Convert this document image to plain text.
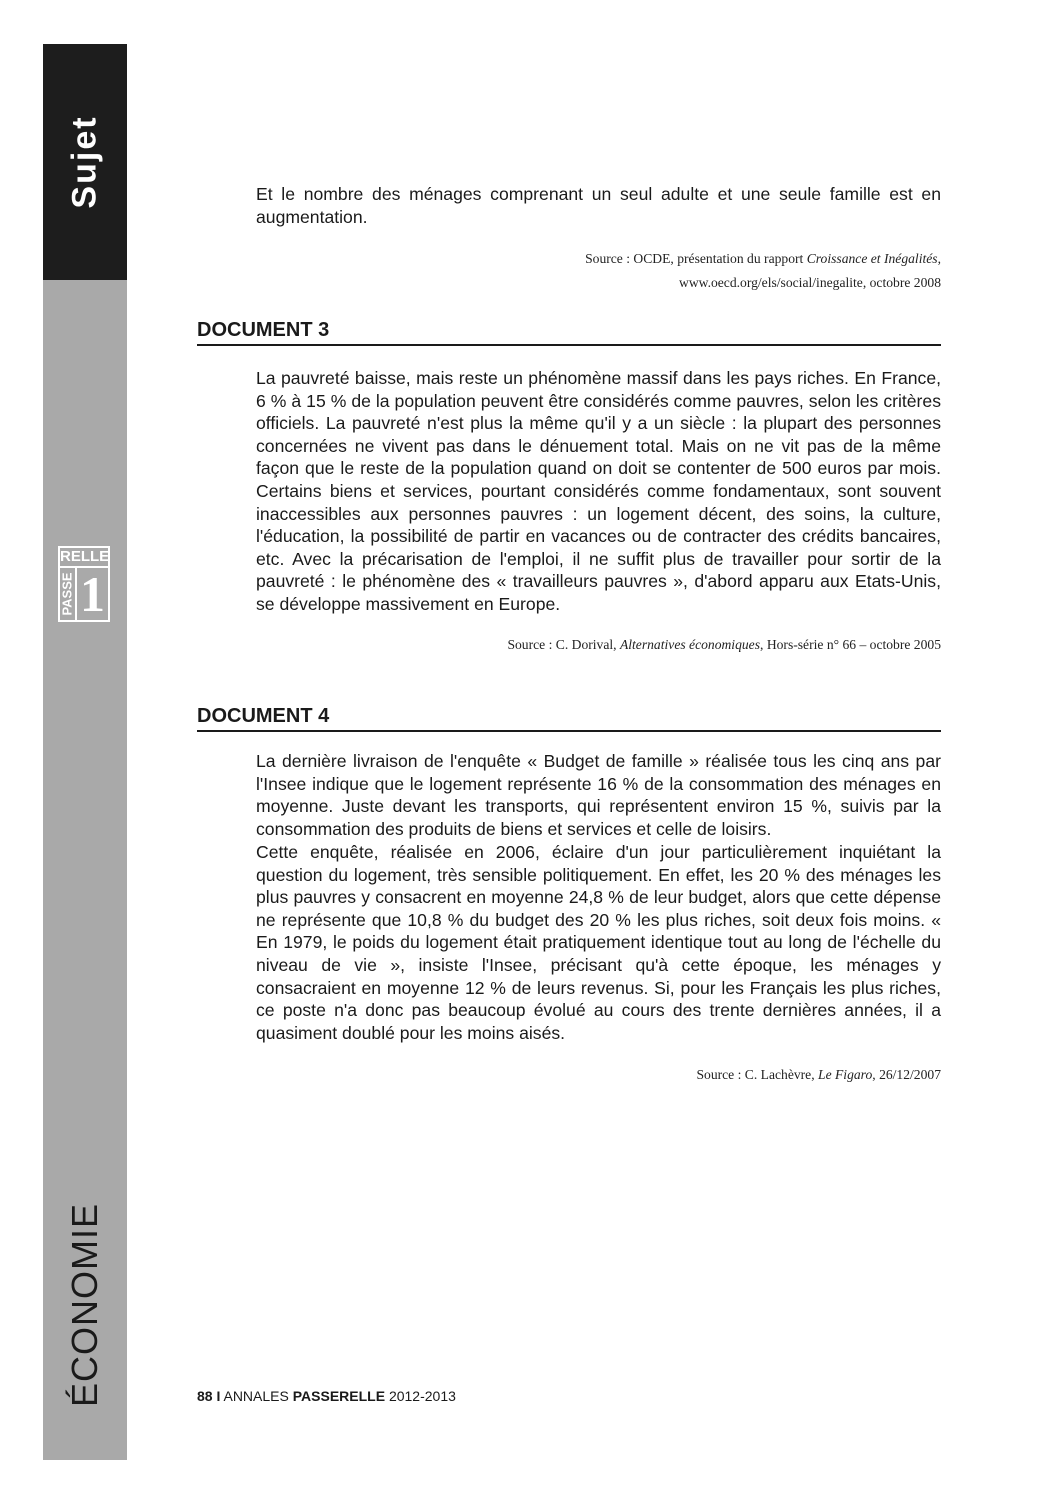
Sujet
RELLE
PASSE 1
ÉCONOMIE

Et le nombre des ménages comprenant un seul adulte et une seule famille est en augmentation.

Source : OCDE, présentation du rapport Croissance et Inégalités,
www.oecd.org/els/social/inegalite, octobre 2008
DOCUMENT 3

La pauvreté baisse, mais reste un phénomène massif dans les pays riches. En France, 6 % à 15 % de la population peuvent être considérés comme pauvres, selon les critères officiels. La pauvreté n'est plus la même qu'il y a un siècle : la plupart des personnes concernées ne vivent pas dans le dénuement total. Mais on ne vit pas de la même façon que le reste de la population quand on doit se contenter de 500 euros par mois. Certains biens et services, pourtant considérés comme fondamentaux, sont souvent inaccessibles aux personnes pauvres : un logement décent, des soins, la culture, l'éducation, la possibilité de partir en vacances ou de contracter des crédits bancaires, etc. Avec la précarisation de l'emploi, il ne suffit plus de travailler pour sortir de la pauvreté : le phénomène des « travailleurs pauvres », d'abord apparu aux Etats-Unis, se développe massivement en Europe.

Source : C. Dorival, Alternatives économiques, Hors-série n° 66 – octobre 2005
DOCUMENT 4

La dernière livraison de l'enquête « Budget de famille » réalisée tous les cinq ans par l'Insee indique que le logement représente 16 % de la consommation des ménages en moyenne. Juste devant les transports, qui représentent environ 15 %, suivis par la consommation des produits de biens et services et celle de loisirs.

Cette enquête, réalisée en 2006, éclaire d'un jour particulièrement inquiétant la question du logement, très sensible politiquement. En effet, les 20 % des ménages les plus pauvres y consacrent en moyenne 24,8 % de leur budget, alors que cette dépense ne représente que 10,8 % du budget des 20 % les plus riches, soit deux fois moins. « En 1979, le poids du logement était pratiquement identique tout au long de l'échelle du niveau de vie », insiste l'Insee, précisant qu'à cette époque, les ménages y consacraient en moyenne 12 % de leurs revenus. Si, pour les Français les plus riches, ce poste n'a donc pas beaucoup évolué au cours des trente dernières années, il a quasiment doublé pour les moins aisés.

Source : C. Lachèvre, Le Figaro, 26/12/2007
88 I ANNALES PASSERELLE 2012-2013
